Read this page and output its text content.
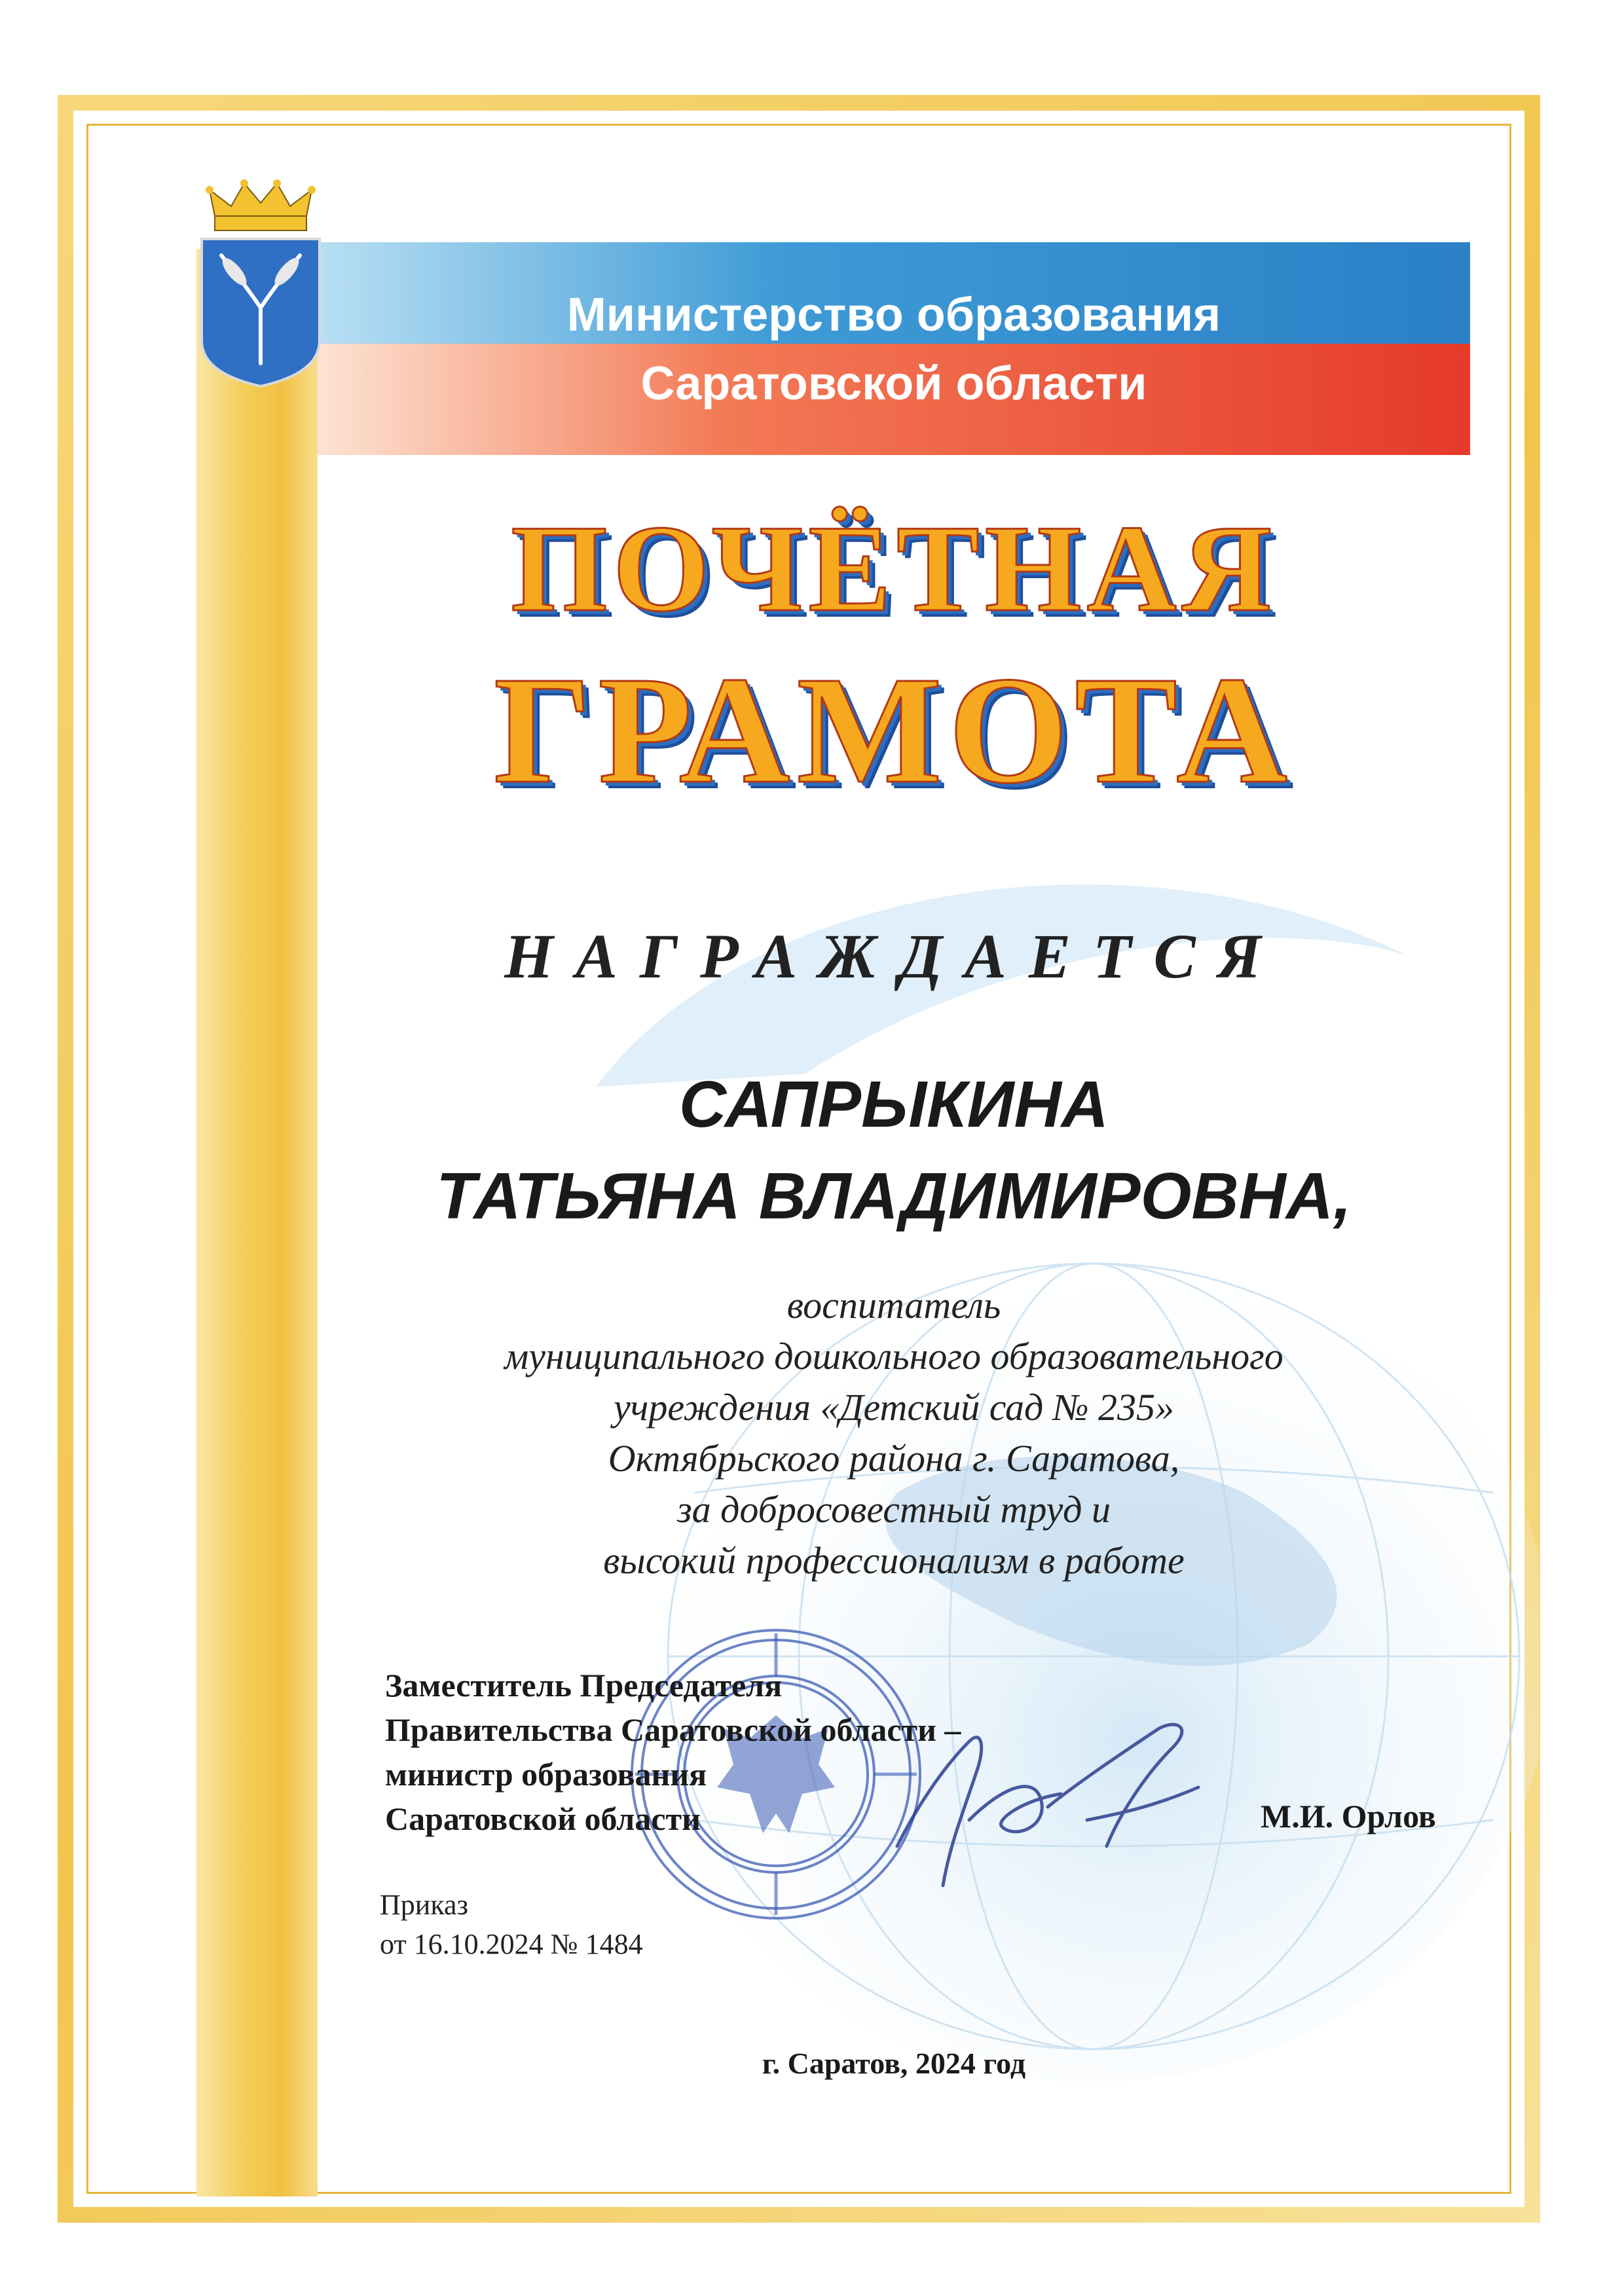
Министерство образования
Саратовской области
ПОЧЁТНАЯ
ГРАМОТА
НАГРАЖДАЕТСЯ
САПРЫКИНА
ТАТЬЯНА ВЛАДИМИРОВНА,
воспитатель
муниципального дошкольного образовательного
учреждения «Детский сад № 235»
Октябрьского района г. Саратова,
за добросовестный труд и
высокий профессионализм в работе
Заместитель Председателя
Правительства Саратовской области –
министр образования
Саратовской области	М.И. Орлов
Приказ
от 16.10.2024 № 1484
г. Саратов, 2024 год
